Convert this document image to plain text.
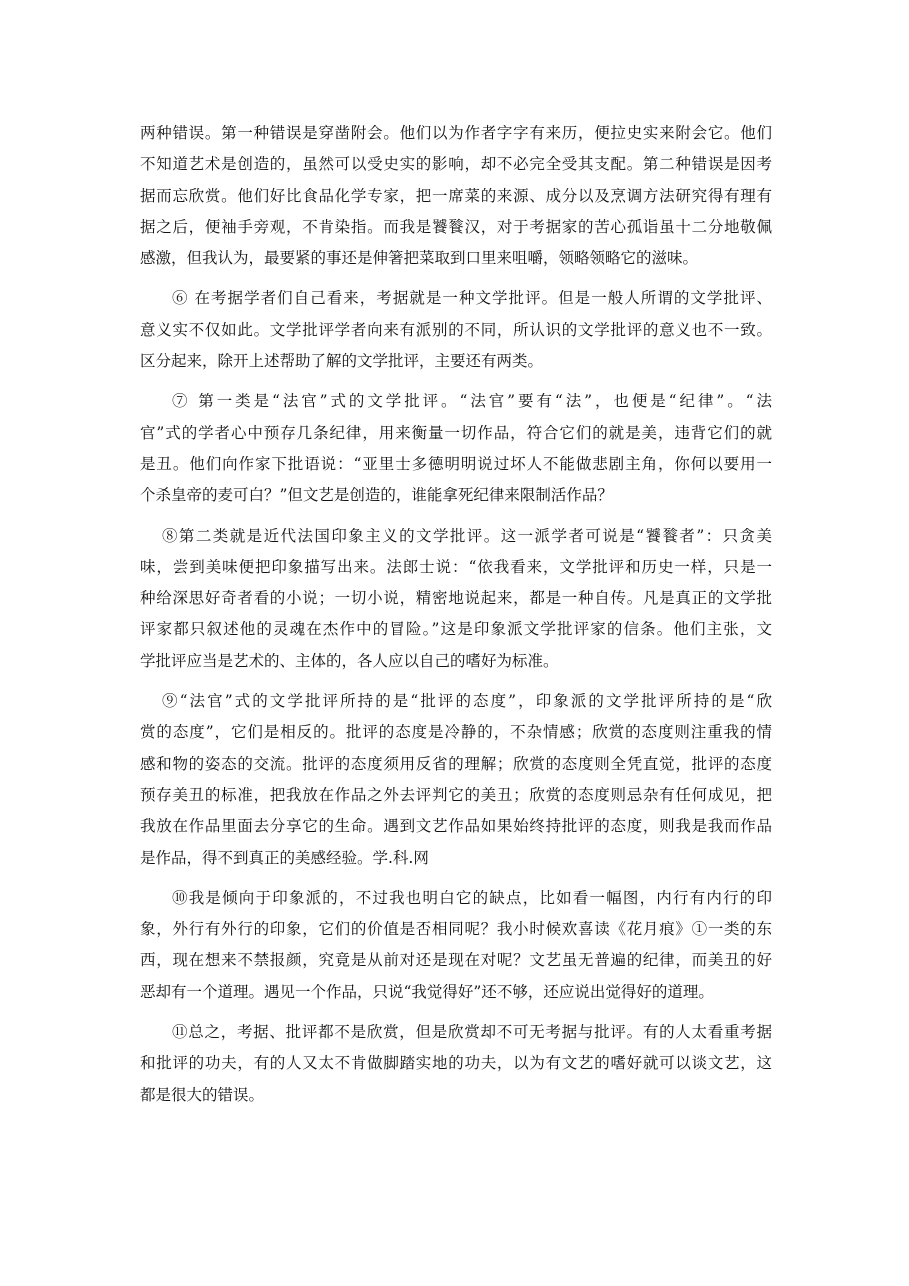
两种错误。第一种错误是穿凿附会。他们以为作者字字有来历，便拉史实来附会它。他们
不知道艺术是创造的，虽然可以受史实的影响，却不必完全受其支配。第二种错误是因考
据而忘欣赏。他们好比食品化学专家，把一席菜的来源、成分以及烹调方法研究得有理有
据之后，便袖手旁观，不肯染指。而我是饕餮汉，对于考据家的苦心孤诣虽十二分地敬佩
感激，但我认为，最要紧的事还是伸箸把菜取到口里来咀嚼，领略领略它的滋味。
⑥ 在考据学者们自己看来，考据就是一种文学批评。但是一般人所谓的文学批评、
意义实不仅如此。文学批评学者向来有派别的不同，所认识的文学批评的意义也不一致。
区分起来，除开上述帮助了解的文学批评，主要还有两类。
⑦ 第一类是“法官”式的文学批评。“法官”要有“法”，也便是“纪律”。“法
官”式的学者心中预存几条纪律，用来衡量一切作品，符合它们的就是美，违背它们的就
是丑。他们向作家下批语说：“亚里士多德明明说过坏人不能做悲剧主角，你何以要用一
个杀皇帝的麦可白？”但文艺是创造的，谁能拿死纪律来限制活作品？
⑧第二类就是近代法国印象主义的文学批评。这一派学者可说是“饕餮者”：只贪美
味，尝到美味便把印象描写出来。法郎士说：“依我看来，文学批评和历史一样，只是一
种给深思好奇者看的小说；一切小说，精密地说起来，都是一种自传。凡是真正的文学批
评家都只叙述他的灵魂在杰作中的冒险。”这是印象派文学批评家的信条。他们主张，文
学批评应当是艺术的、主体的，各人应以自己的嗜好为标准。
⑨“法官”式的文学批评所持的是“批评的态度”，印象派的文学批评所持的是“欣
赏的态度”，它们是相反的。批评的态度是冷静的，不杂情感；欣赏的态度则注重我的情
感和物的姿态的交流。批评的态度须用反省的理解；欣赏的态度则全凭直觉，批评的态度
预存美丑的标准，把我放在作品之外去评判它的美丑；欣赏的态度则忌杂有任何成见，把
我放在作品里面去分享它的生命。遇到文艺作品如果始终持批评的态度，则我是我而作品
是作品，得不到真正的美感经验。学.科.网
⑩我是倾向于印象派的，不过我也明白它的缺点，比如看一幅图，内行有内行的印
象，外行有外行的印象，它们的价值是否相同呢？我小时候欢喜读《花月痕》①一类的东
西，现在想来不禁报颜，究竟是从前对还是现在对呢？文艺虽无普遍的纪律，而美丑的好
恶却有一个道理。遇见一个作品，只说“我觉得好”还不够，还应说出觉得好的道理。
⑪总之，考据、批评都不是欣赏，但是欣赏却不可无考据与批评。有的人太看重考据
和批评的功夫，有的人又太不肯做脚踏实地的功夫，以为有文艺的嗜好就可以谈文艺，这
都是很大的错误。
